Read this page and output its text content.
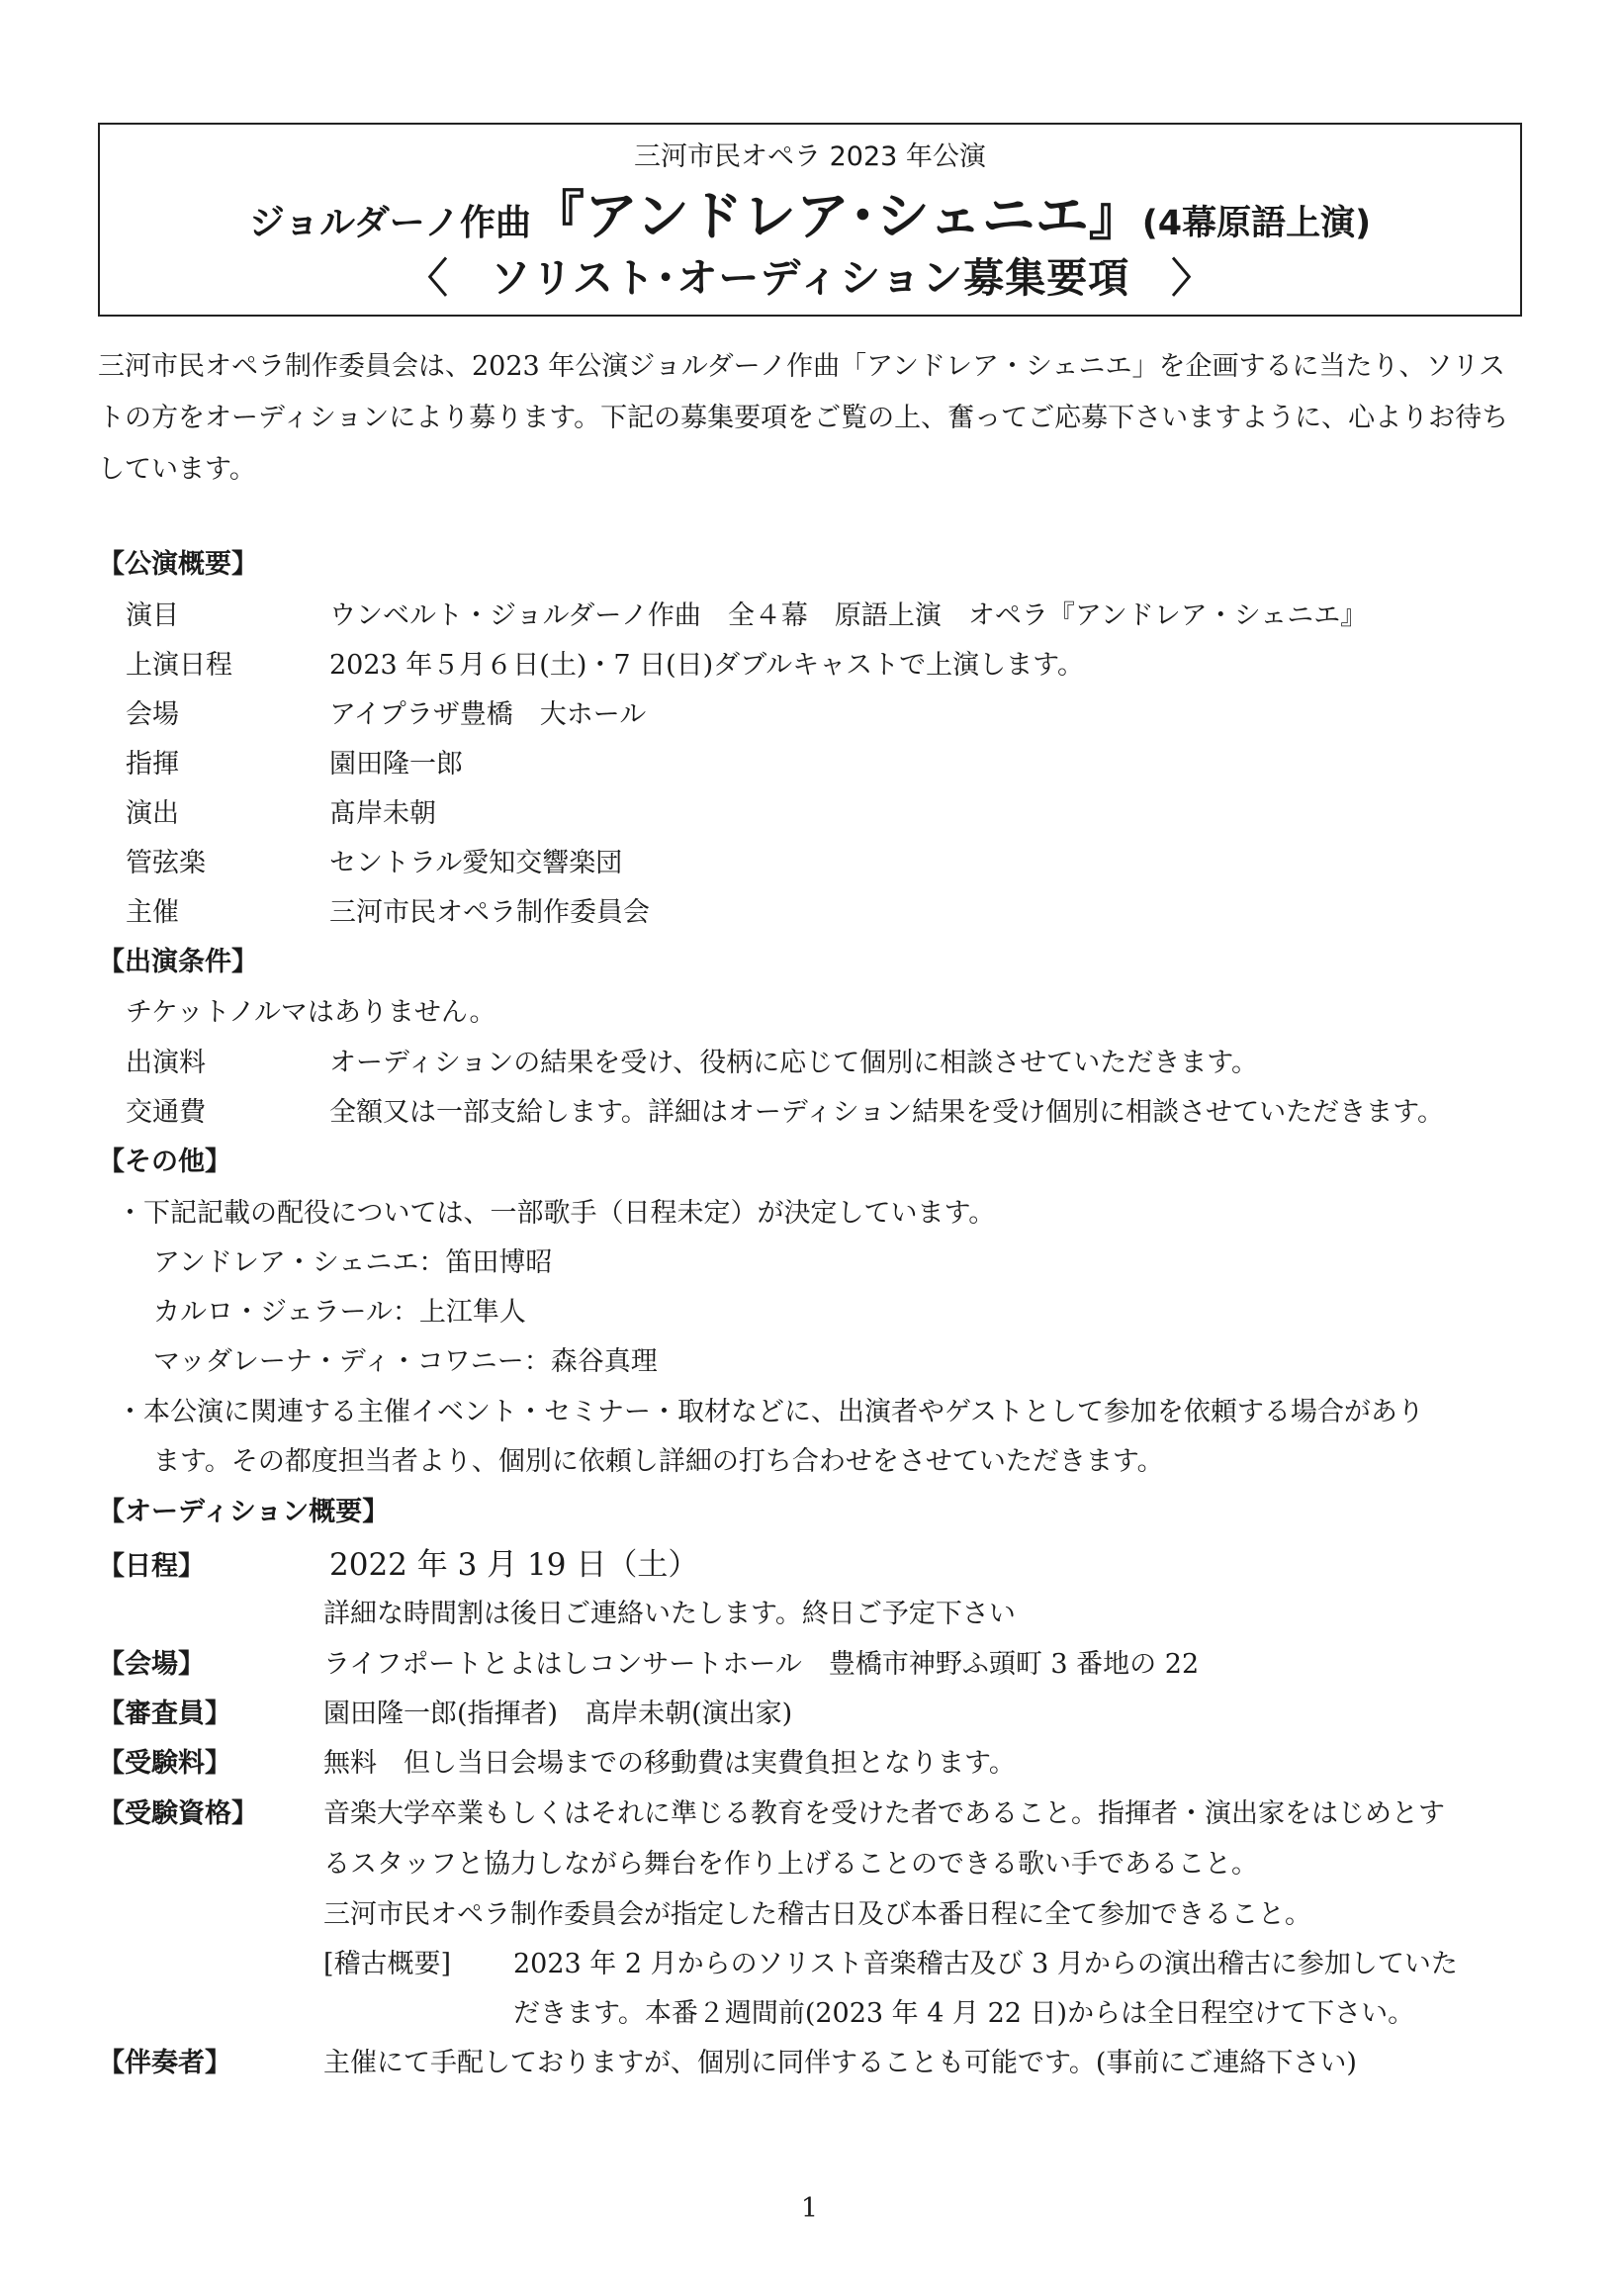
三河市民オペラ 2023 年公演
ジョルダーノ作曲『アンドレア･シェニエ』(4幕原語上演)
〈　ソリスト･オーディション募集要項　〉
三河市民オペラ制作委員会は、2023 年公演ジョルダーノ作曲「アンドレア・シェニエ」を企画するに当たり、ソリストの方をオーディションにより募ります。下記の募集要項をご覧の上、奮ってご応募下さいますように、心よりお待ちしています。
【公演概要】
演目	ウンベルト・ジョルダーノ作曲　全４幕　原語上演　オペラ『アンドレア・シェニエ』
上演日程	2023 年５月６日(土)・7 日(日)ダブルキャストで上演します。
会場	アイプラザ豊橋　大ホール
指揮	園田隆一郎
演出	髙岸未朝
管弦楽	セントラル愛知交響楽団
主催	三河市民オペラ制作委員会
【出演条件】
チケットノルマはありません。
出演料	オーディションの結果を受け、役柄に応じて個別に相談させていただきます。
交通費	全額又は一部支給します。詳細はオーディション結果を受け個別に相談させていただきます。
【その他】
・下記記載の配役については、一部歌手（日程未定）が決定しています。
アンドレア・シェニエ：笛田博昭
カルロ・ジェラール：上江隼人
マッダレーナ・ディ・コワニー：森谷真理
・本公演に関連する主催イベント・セミナー・取材などに、出演者やゲストとして参加を依頼する場合があり
ます。その都度担当者より、個別に依頼し詳細の打ち合わせをさせていただきます。
【オーディション概要】
【日程】	2022 年 3 月 19 日（土）
詳細な時間割は後日ご連絡いたします。終日ご予定下さい
【会場】	ライフポートとよはしコンサートホール　豊橋市神野ふ頭町 3 番地の 22
【審査員】	園田隆一郎(指揮者)　髙岸未朝(演出家)
【受験料】	無料　但し当日会場までの移動費は実費負担となります。
【受験資格】 音楽大学卒業もしくはそれに準じる教育を受けた者であること。指揮者・演出家をはじめとす
るスタッフと協力しながら舞台を作り上げることのできる歌い手であること。
三河市民オペラ制作委員会が指定した稽古日及び本番日程に全て参加できること。
[稽古概要] 2023 年 2 月からのソリスト音楽稽古及び 3 月からの演出稽古に参加していた
だきます。本番２週間前(2023 年 4 月 22 日)からは全日程空けて下さい。
【伴奏者】	主催にて手配しておりますが、個別に同伴することも可能です。(事前にご連絡下さい)
1
